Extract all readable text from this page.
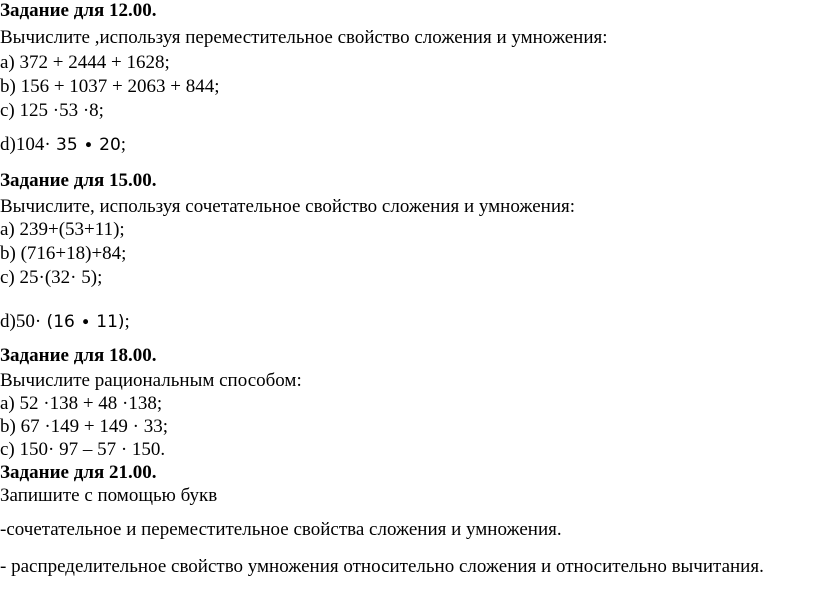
Задание для 12.00.
Вычислите ,используя переместительное свойство сложения и умножения:
а) 372 + 2444 + 1628;
b) 156 + 1037 + 2063 + 844;
c) 125 ·53 ·8;
d)104· 35 ∙ 20;
Задание для 15.00.
Вычислите, используя сочетательное свойство сложения и умножения:
a) 239+(53+11);
b) (716+18)+84;
c) 25·(32· 5);
d)50· (16 ∙ 11);
Задание для 18.00.
Вычислите рациональным способом:
а) 52 ·138 + 48 ·138;
b) 67 ·149 + 149 · 33;
c) 150· 97 – 57 · 150.
Задание для 21.00.
Запишите с помощью букв
-сочетательное и переместительное свойства сложения и умножения.
- распределительное свойство умножения относительно сложения и относительно вычитания.
